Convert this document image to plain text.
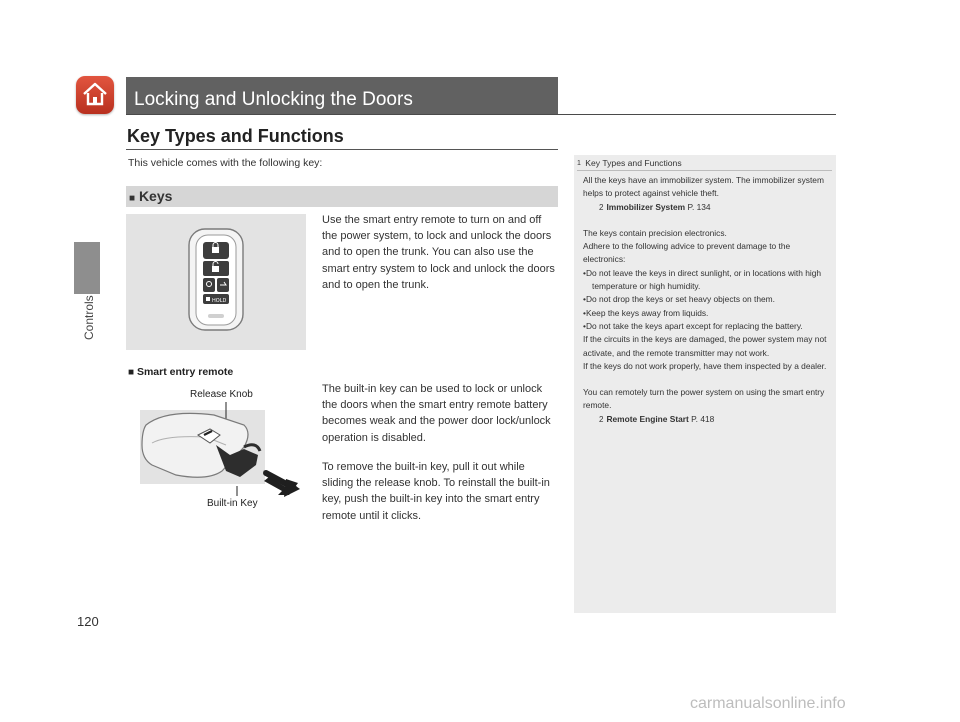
Controls
120
Locking and Unlocking the Doors
Key Types and Functions
This vehicle comes with the following key:
■ Keys
HOLD
Use the smart entry remote to turn on and off the power system, to lock and unlock the doors and to open the trunk. You can also use the smart entry system to lock and unlock the doors and to open the trunk.
■ Smart entry remote
Release Knob
Built-in Key
The built-in key can be used to lock or unlock the doors when the smart entry remote battery becomes weak and the power door lock/unlock operation is disabled.
To remove the built-in key, pull it out while sliding the release knob. To reinstall the built-in key, push the built-in key into the smart entry remote until it clicks.
1 Key Types and Functions

All the keys have an immobilizer system. The immobilizer system helps to protect against vehicle theft.

2 Immobilizer System P. 134

The keys contain precision electronics.

Adhere to the following advice to prevent damage to the electronics:

•Do not leave the keys in direct sunlight, or in locations with high temperature or high humidity.

•Do not drop the keys or set heavy objects on them.

•Keep the keys away from liquids.

•Do not take the keys apart except for replacing the battery.

If the circuits in the keys are damaged, the power system may not activate, and the remote transmitter may not work.

If the keys do not work properly, have them inspected by a dealer.

You can remotely turn the power system on using the smart entry remote.

2 Remote Engine Start P. 418

carmanualsonline.info
